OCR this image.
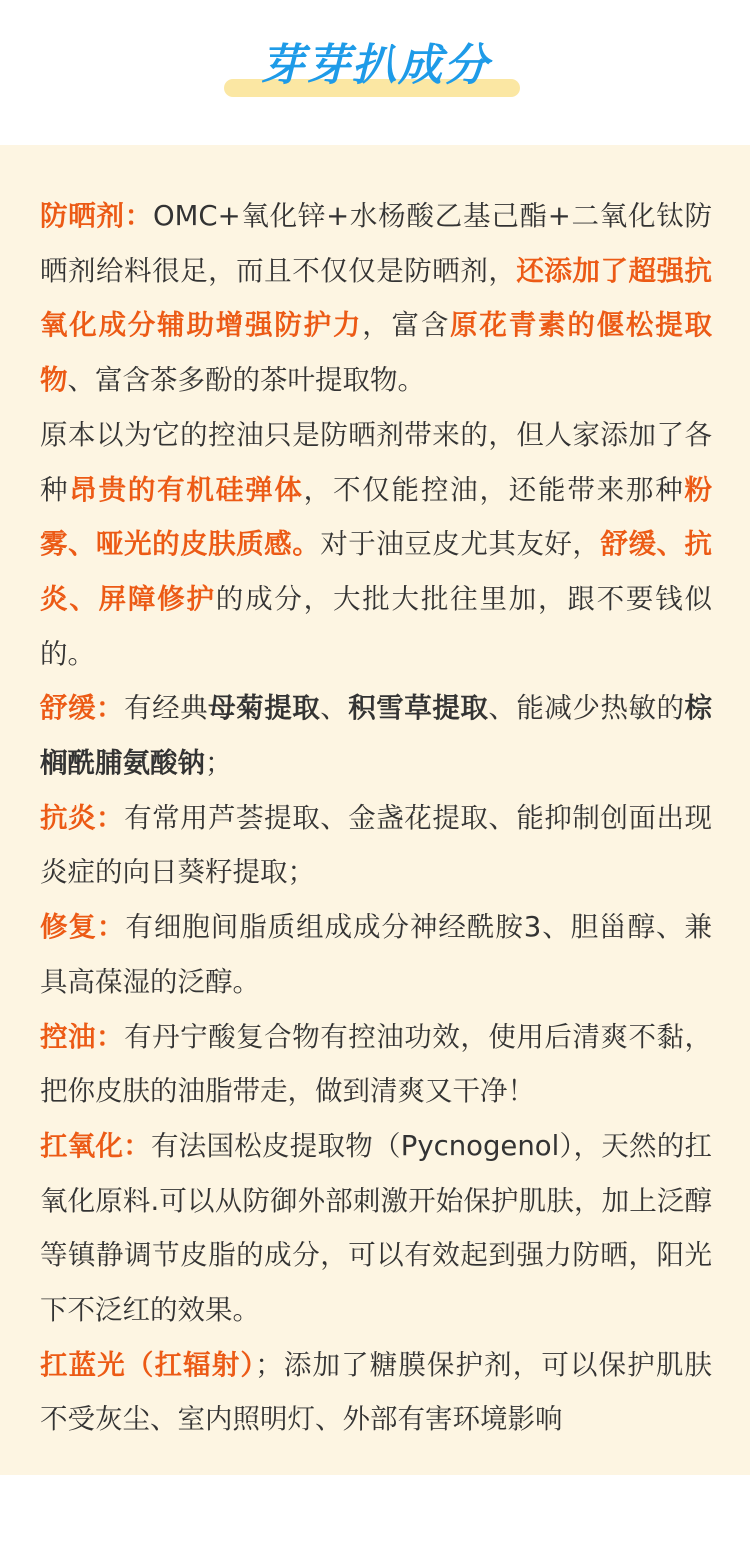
芽芽扒成分

防晒剂：OMC+氧化锌+水杨酸乙基己酯+二氧化钛防晒剂给料很足，而且不仅仅是防晒剂，还添加了超强抗氧化成分辅助增强防护力，富含原花青素的偃松提取物、富含茶多酚的茶叶提取物。

原本以为它的控油只是防晒剂带来的，但人家添加了各种昂贵的有机硅弹体，不仅能控油，还能带来那种粉雾、哑光的皮肤质感。对于油豆皮尤其友好，舒缓、抗炎、屏障修护的成分，大批大批往里加，跟不要钱似的。

舒缓：有经典母菊提取、积雪草提取、能减少热敏的棕榈酰脯氨酸钠；

抗炎：有常用芦荟提取、金盏花提取、能抑制创面出现炎症的向日葵籽提取；

修复：有细胞间脂质组成成分神经酰胺3、胆甾醇、兼具高葆湿的泛醇。

控油：有丹宁酸复合物有控油功效，使用后清爽不黏，把你皮肤的油脂带走，做到清爽又干净！

扛氧化：有法国松皮提取物（Pycnogenol），天然的扛氧化原料.可以从防御外部刺激开始保护肌肤，加上泛醇等镇静调节皮脂的成分，可以有效起到强力防晒，阳光下不泛红的效果。

扛蓝光（扛辐射）；添加了糖膜保护剂，可以保护肌肤不受灰尘、室内照明灯、外部有害环境影响
